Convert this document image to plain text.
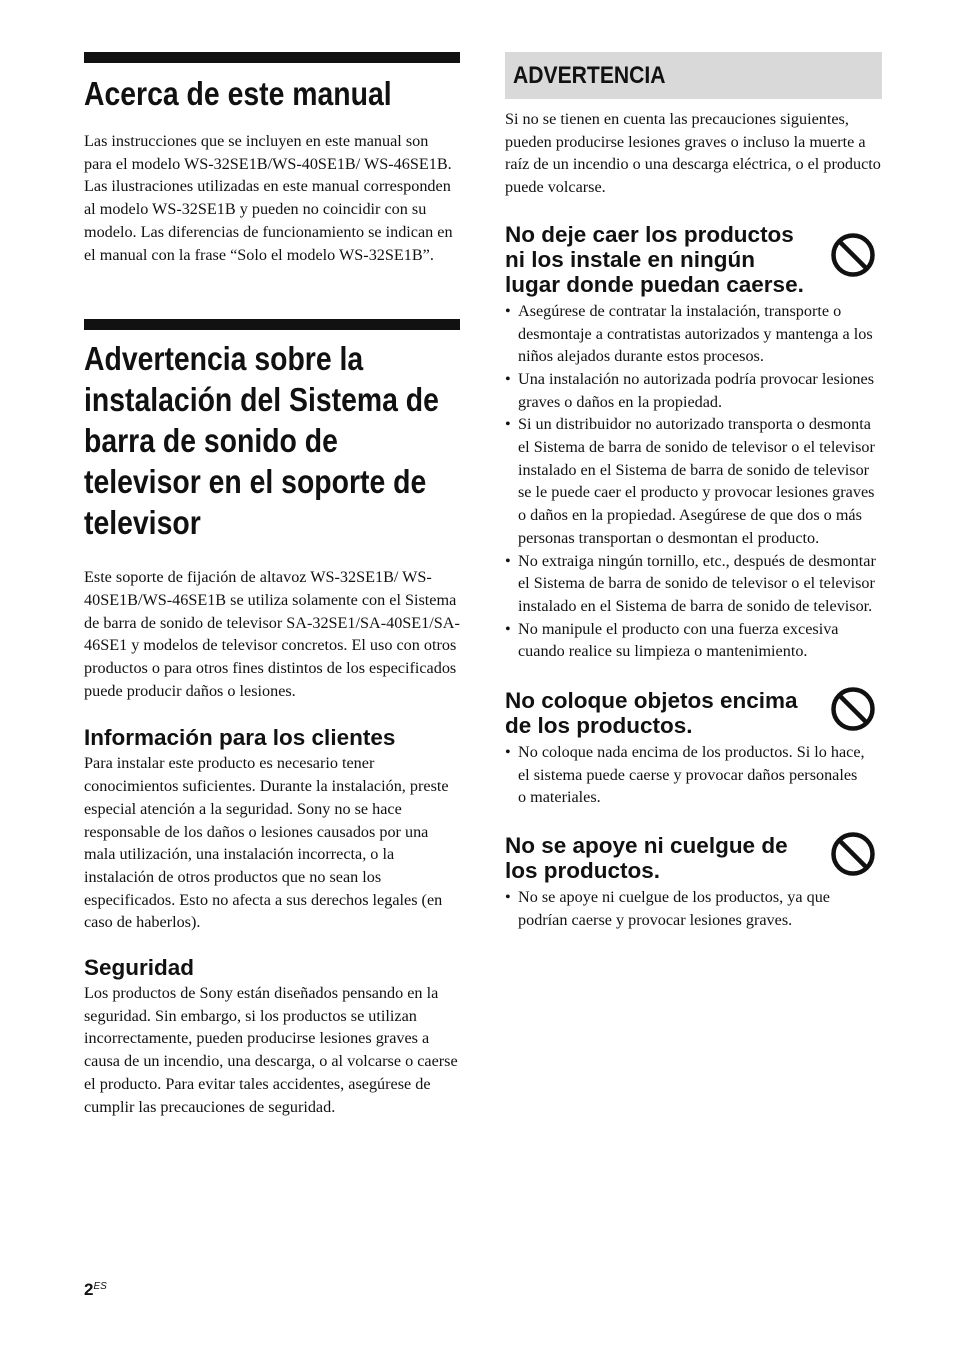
Acerca de este manual

Las instrucciones que se incluyen en este manual son para el modelo WS-32SE1B/WS-40SE1B/ WS-46SE1B. Las ilustraciones utilizadas en este manual corresponden al modelo WS-32SE1B y pueden no coincidir con su modelo. Las diferencias de funcionamiento se indican en el manual con la frase “Solo el modelo WS-32SE1B”.

Advertencia sobre la instalación del Sistema de barra de sonido de televisor en el soporte de televisor

Este soporte de fijación de altavoz WS-32SE1B/ WS-40SE1B/WS-46SE1B se utiliza solamente con el Sistema de barra de sonido de televisor SA-32SE1/SA-40SE1/SA-46SE1 y modelos de televisor concretos. El uso con otros productos o para otros fines distintos de los especificados puede producir daños o lesiones.

Información para los clientes

Para instalar este producto es necesario tener conocimientos suficientes. Durante la instalación, preste especial atención a la seguridad. Sony no se hace responsable de los daños o lesiones causados por una mala utilización, una instalación incorrecta, o la instalación de otros productos que no sean los especificados. Esto no afecta a sus derechos legales (en caso de haberlos).

Seguridad

Los productos de Sony están diseñados pensando en la seguridad. Sin embargo, si los productos se utilizan incorrectamente, pueden producirse lesiones graves a causa de un incendio, una descarga, o al volcarse o caerse el producto. Para evitar tales accidentes, asegúrese de cumplir las precauciones de seguridad.

ADVERTENCIA

Si no se tienen en cuenta las precauciones siguientes, pueden producirse lesiones graves o incluso la muerte a raíz de un incendio o una descarga eléctrica, o el producto puede volcarse.

No deje caer los productos ni los instale en ningún lugar donde puedan caerse.
• Asegúrese de contratar la instalación, transporte o desmontaje a contratistas autorizados y mantenga a los niños alejados durante estos procesos.
• Una instalación no autorizada podría provocar lesiones graves o daños en la propiedad.
• Si un distribuidor no autorizado transporta o desmonta el Sistema de barra de sonido de televisor o el televisor instalado en el Sistema de barra de sonido de televisor se le puede caer el producto y provocar lesiones graves o daños en la propiedad. Asegúrese de que dos o más personas transportan o desmontan el producto.
• No extraiga ningún tornillo, etc., después de desmontar el Sistema de barra de sonido de televisor o el televisor instalado en el Sistema de barra de sonido de televisor.
• No manipule el producto con una fuerza excesiva cuando realice su limpieza o mantenimiento.
No coloque objetos encima de los productos.
• No coloque nada encima de los productos. Si lo hace, el sistema puede caerse y provocar daños personales o materiales.
No se apoye ni cuelgue de los productos.
• No se apoye ni cuelgue de los productos, ya que podrían caerse y provocar lesiones graves.
$2^{ES}$
